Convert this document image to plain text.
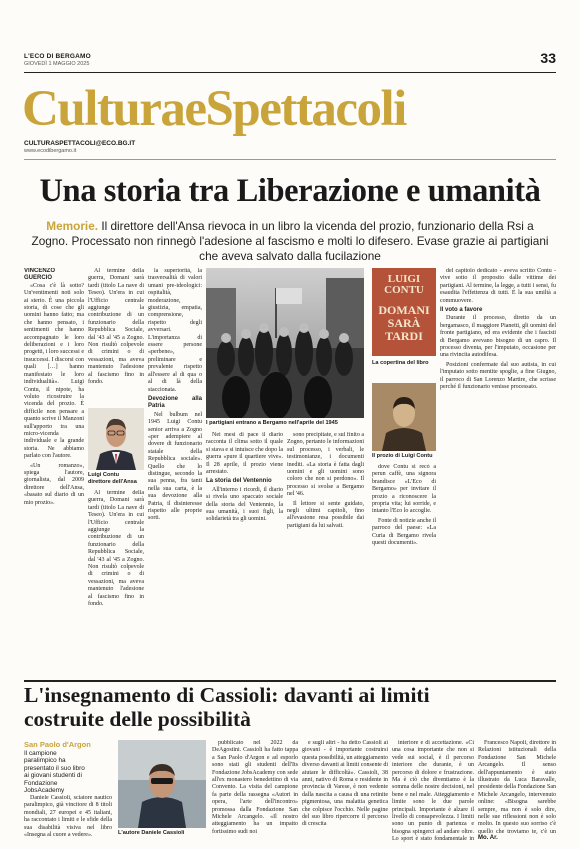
L'ECO DI BERGAMO
GIOVEDÌ 1 MAGGIO 2025	33
CulturaeSpettacoli
CULTURASPETTACOLI@ECO.BG.IT
www.ecodibergamo.it
Una storia tra Liberazione e umanità
Memorie. Il direttore dell'Ansa rievoca in un libro la vicenda del prozio, funzionario della Rsi a Zogno. Processato non rinnegò l'adesione al fascismo e molti lo difesero. Evase grazie ai partigiani che aveva salvato dalla fucilazione
VINCENZO GUERCIO

«Cosa c'è là sotto? Un'ventimenti noti solo ai sterio. È una piccola storia, di cose che gli uomini hanno fatto; ma che hanno pensato, i sentimenti che hanno accompagnato le loro deliberazioni e i loro progetti, i loro successi e insuccessi. I discorsi con quali […] hanno manifestato le loro individualità». Luigi Contu, il nipote, ha voluto ricostruire la vicenda del prozio. È difficile non pensare a quanto scrive il Manzoni sull'apporto tra una micro-vicenda individuale e la grande storia. Ne abbiamo parlato con l'autore.

«Un romanzo», spiega l'autore, giornalista, dal 2009 direttore dell'Ansa, «basato sul diario di un mio prozio».

Al termine della guerra, Domani sarà tardi (titolo La nave di Teseo). Un'era in cui l'Ufficio centrale aggiunge la contribuzione di un funzionario della Repubblica Sociale, dal '43 al '45 a Zogno. Non risultò colpevole di crimini o di vessazioni, ma aveva mantenuto l'adesione al fascismo fino in fondo.

Luigi Contu
direttore dell'Ansa

Al termine della guerra, Domani sarà tardi (titolo La nave di Teseo). Un'era in cui l'Ufficio centrale aggiunge la contribuzione di un funzionario della Repubblica Sociale, dal '43 al '45 a Zogno. Non risultò colpevole di crimini o di vessazioni, ma aveva mantenuto l'adesione al fascismo fino in fondo.

la superiorità, la trasversalità di valori umani pre-ideologici: ospitalità, moderazione, giustizia, empatia, comprensione, rispetto degli avversari. L'importanza di essere persone «perbene», preliminare e prevalente rispetto all'essere al di qua o al di là della staccionata.

Devozione alla Patria

Nel bulbum nel 1945 Luigi Contu senior arriva a Zogno «per adempiere al dovere di funzionario statale della Repubblica sociale». Quello che lo distingue, secondo la sua penna, fra tanti nella sua carta, è la sua devozione alla Patria, il disinteresse rispetto alle proprie sorti.

I partigiani entrano a Bergamo nell'aprile del 1945

Nei mesi di pace il diario racconta il clima sotto il quale si stava e si intuisce che dopo la guerra «pure il quartiere vive». Il 28 aprile, il prozio viene arrestato.

La storia del Ventennio

All'interno i ricordi, il diario si rivela uno spaccato sociale della storia del Ventennio, la sua umanità, i suoi figli, la solidarietà tra gli uomini.

sono precipitate, e sul finito a Zogno, pertanto le informazioni sul processo, i verbali, le testimonianze, i documenti inediti. «La storia è fatta dagli uomini e gli uomini sono coloro che non si perdono». Il processo si svolse a Bergamo nel '46.

Il lettore si sente guidato, negli ultimi capitoli, fino all'evasione resa possibile dai partigiani da lui salvati.

LUIGI
CONTU
DOMANI
SARÀ
TARDI
La copertina del libro
Il prozio di Luigi Contu

dove Contu si recò a perun caffè, una signora brandisce «L'Eco di Bergamo» per invitare il prozio a riconoscere la propria vita; lui sorride, e intanto l'Eco lo accoglie.

Fonte di notizie anche il parroco del paese: «La Curia di Bergamo rivela questi documenti».

del capitolo dedicato - aveva scritto Contu - vive sotto il proposito dalle vittime dei partigiani. Al termine, la legge, a tutti i sensi, fu esaudita l'effettenza di tutti. È la sua umiltà a commuovere.

Il voto a favore

Durante il processo, diretto da un bergamasco, il maggiore Pianetti, gli uomini del fronte partigiano, ed era evidente che i fascisti di Bergamo avevano bisogno di un capro. Il processo diventa, per l'imputato, occasione per una rivincita autodifesa.

Posizioni confermate dal suo autista, in cui l'imputato sotto mentite spoglie, a fine Giugno, il parroco di San Lorenzo Martire, che scrisse perché il funzionario venisse processato.

L'insegnamento di Cassioli: davanti ai limiti costruite delle possibilità
San Paolo d'Argon
Il campione paralimpico ha presentato il suo libro ai giovani studenti di Fondazione JobsAcademy

Daniele Cassioli, sciatore nautico paralimpico, già vincitore di 8 titoli mondiali, 27 europei e 45 italiani, ha raccontato i limiti e le sfide della sua disabilità visiva nel libro «Insegna al cuore a vedere».	L'autore Daniele Cassioli

pubblicato nel 2022 da DeAgostini. Cassioli ha fatto tappa a San Paolo d'Argon e ad esporlo sono stati gli studenti dell'Its Fondazione JobsAcademy con sede all'ex monastero benedettino di via Convento. La visita del campione fa parte della rassegna «Autori in opera, l'arte dell'incontro» promossa dalla Fondazione San Michele Arcangelo. «Il nostro atteggiamento ha un impatto fortissimo sudi noi

e sugli altri - ha detto Cassioli ai giovani - è importante costruirsi questa possibilità, un atteggiamento diverso davanti ai limiti consente di aiutare le difficoltà». Cassioli, 38 anni, nativo di Roma e residente in provincia di Varese, è non vedente dalla nascita a causa di una retinite pigmentosa, una malattia genetica che colpisce l'occhio. Nelle pagine del suo libro ripercorre il percorso di crescita

interiore e di accettazione. «Ci una cosa importante che non si vede sui social, è il percorso interiore che durante, è un percorso di dolore e frustrazione. Ma è ciò che diventiamo è la somma delle nostre decisioni, nel bene e nel male. Atteggiamento e limite sono le due parole principali. Importante è alzare il livello di consapevolezza. I limiti sono un punto di partenza e bisogna spingerci ad andare oltre. Lo sport è stato fondamentale in

Francesco Napoli, direttore in Relazioni istituzionali della Fondazione San Michele Arcangelo. Il senso dell'appuntamento è stato illustrato da Luca Baravalle, presidente della Fondazione San Michele Arcangelo, intervenuto online: «Bisogna sarebbe sempre, ma non è solo dire, nelle sue riflessioni non è solo molto. In questo suo sorriso c'è quello che troviamo te, c'è un

Mo. Ar.
